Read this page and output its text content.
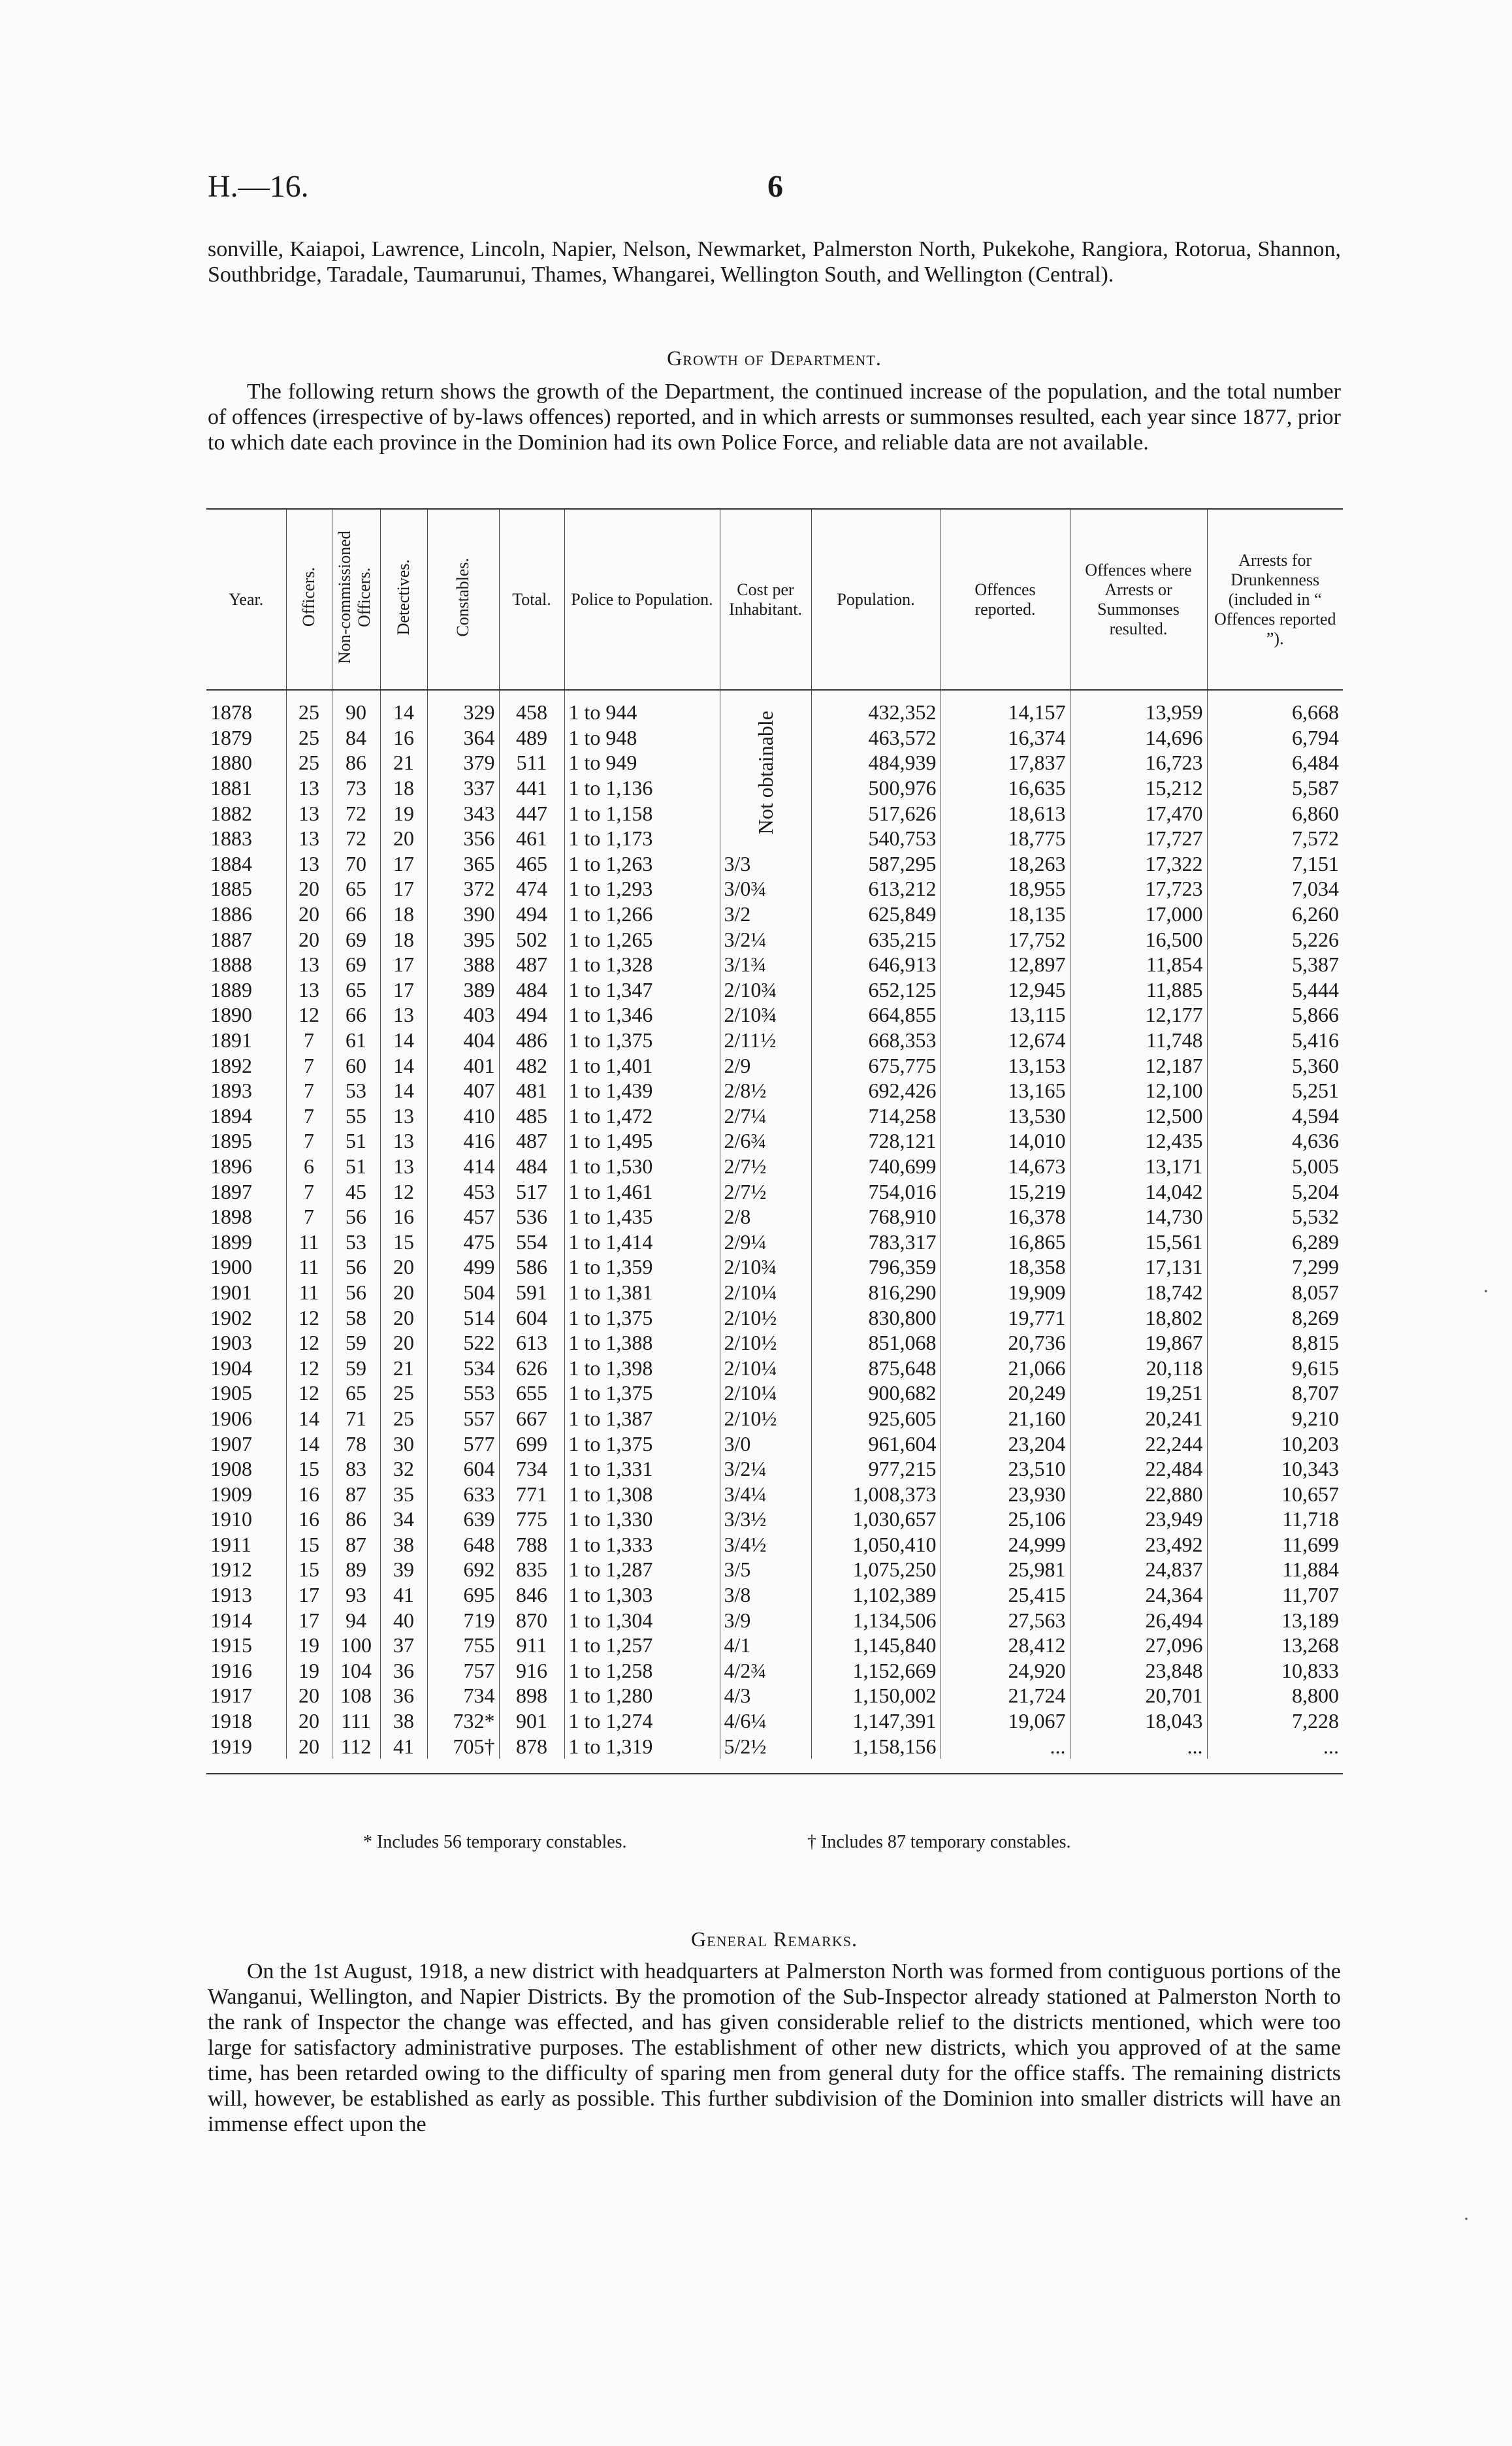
H.—16.	6

sonville, Kaiapoi, Lawrence, Lincoln, Napier, Nelson, Newmarket, Palmerston North, Pukekohe, Rangiora, Rotorua, Shannon, Southbridge, Taradale, Taumarunui, Thames, Whangarei, Wellington South, and Wellington (Central).

Growth of Department.

The following return shows the growth of the Department, the continued increase of the population, and the total number of offences (irrespective of by-laws offences) reported, and in which arrests or summonses resulted, each year since 1877, prior to which date each province in the Dominion had its own Police Force, and reliable data are not available.

Year.	Officers.	Non-commissioned Officers.	Detectives.	Constables.	Total.	Police to Population.	Cost per Inhabitant.	Population.	Offences reported.	Offences where Arrests or Summonses resulted.	Arrests for Drunkenness (included in “ Offences reported ”).
1878	25	90	14	329	458	1 to 944	Not obtainable	432,352	14,157	13,959	6,668
1879	25	84	16	364	489	1 to 948		463,572	16,374	14,696	6,794
1880	25	86	21	379	511	1 to 949		484,939	17,837	16,723	6,484
1881	13	73	18	337	441	1 to 1,136		500,976	16,635	15,212	5,587
1882	13	72	19	343	447	1 to 1,158		517,626	18,613	17,470	6,860
1883	13	72	20	356	461	1 to 1,173		540,753	18,775	17,727	7,572
1884	13	70	17	365	465	1 to 1,263	3/3	587,295	18,263	17,322	7,151
1885	20	65	17	372	474	1 to 1,293	3/0¾	613,212	18,955	17,723	7,034
1886	20	66	18	390	494	1 to 1,266	3/2	625,849	18,135	17,000	6,260
1887	20	69	18	395	502	1 to 1,265	3/2¼	635,215	17,752	16,500	5,226
1888	13	69	17	388	487	1 to 1,328	3/1¾	646,913	12,897	11,854	5,387
1889	13	65	17	389	484	1 to 1,347	2/10¾	652,125	12,945	11,885	5,444
1890	12	66	13	403	494	1 to 1,346	2/10¾	664,855	13,115	12,177	5,866
1891	7	61	14	404	486	1 to 1,375	2/11½	668,353	12,674	11,748	5,416
1892	7	60	14	401	482	1 to 1,401	2/9	675,775	13,153	12,187	5,360
1893	7	53	14	407	481	1 to 1,439	2/8½	692,426	13,165	12,100	5,251
1894	7	55	13	410	485	1 to 1,472	2/7¼	714,258	13,530	12,500	4,594
1895	7	51	13	416	487	1 to 1,495	2/6¾	728,121	14,010	12,435	4,636
1896	6	51	13	414	484	1 to 1,530	2/7½	740,699	14,673	13,171	5,005
1897	7	45	12	453	517	1 to 1,461	2/7½	754,016	15,219	14,042	5,204
1898	7	56	16	457	536	1 to 1,435	2/8	768,910	16,378	14,730	5,532
1899	11	53	15	475	554	1 to 1,414	2/9¼	783,317	16,865	15,561	6,289
1900	11	56	20	499	586	1 to 1,359	2/10¾	796,359	18,358	17,131	7,299
1901	11	56	20	504	591	1 to 1,381	2/10¼	816,290	19,909	18,742	8,057
1902	12	58	20	514	604	1 to 1,375	2/10½	830,800	19,771	18,802	8,269
1903	12	59	20	522	613	1 to 1,388	2/10½	851,068	20,736	19,867	8,815
1904	12	59	21	534	626	1 to 1,398	2/10¼	875,648	21,066	20,118	9,615
1905	12	65	25	553	655	1 to 1,375	2/10¼	900,682	20,249	19,251	8,707
1906	14	71	25	557	667	1 to 1,387	2/10½	925,605	21,160	20,241	9,210
1907	14	78	30	577	699	1 to 1,375	3/0	961,604	23,204	22,244	10,203
1908	15	83	32	604	734	1 to 1,331	3/2¼	977,215	23,510	22,484	10,343
1909	16	87	35	633	771	1 to 1,308	3/4¼	1,008,373	23,930	22,880	10,657
1910	16	86	34	639	775	1 to 1,330	3/3½	1,030,657	25,106	23,949	11,718
1911	15	87	38	648	788	1 to 1,333	3/4½	1,050,410	24,999	23,492	11,699
1912	15	89	39	692	835	1 to 1,287	3/5	1,075,250	25,981	24,837	11,884
1913	17	93	41	695	846	1 to 1,303	3/8	1,102,389	25,415	24,364	11,707
1914	17	94	40	719	870	1 to 1,304	3/9	1,134,506	27,563	26,494	13,189
1915	19	100	37	755	911	1 to 1,257	4/1	1,145,840	28,412	27,096	13,268
1916	19	104	36	757	916	1 to 1,258	4/2¾	1,152,669	24,920	23,848	10,833
1917	20	108	36	734	898	1 to 1,280	4/3	1,150,002	21,724	20,701	8,800
1918	20	111	38	732*	901	1 to 1,274	4/6¼	1,147,391	19,067	18,043	7,228
1919	20	112	41	705†	878	1 to 1,319	5/2½	1,158,156	...	...	...
* Includes 56 temporary constables.	† Includes 87 temporary constables.
General Remarks.

On the 1st August, 1918, a new district with headquarters at Palmerston North was formed from contiguous portions of the Wanganui, Wellington, and Napier Districts. By the promotion of the Sub-Inspector already stationed at Palmerston North to the rank of Inspector the change was effected, and has given considerable relief to the districts mentioned, which were too large for satisfactory administrative purposes. The establishment of other new districts, which you approved of at the same time, has been retarded owing to the difficulty of sparing men from general duty for the office staffs. The remaining districts will, however, be established as early as possible. This further subdivision of the Dominion into smaller districts will have an immense effect upon the

·
·
